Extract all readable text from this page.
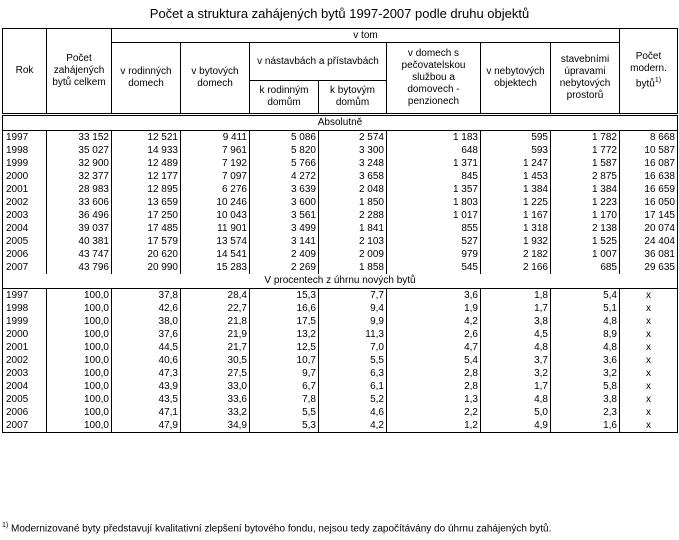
Počet a struktura zahájených bytů 1997-2007 podle druhu objektů
Rok	Počet zahájených bytů celkem	v tom							Počet modern. bytů$^{1)}$
		v rodinných domech	v bytových domech	v nástavbách a přístavbách		v domech s pečovatelskou službou a domovech - penzionech	v nebytových objektech	stavebními úpravami nebytových prostorů	
				k rodinným domům	k bytovým domům				
Absolutně									
1997	33 152	12 521	9 411	5 086	2 574	1 183	595	1 782	8 668
1998	35 027	14 933	7 961	5 820	3 300	648	593	1 772	10 587
1999	32 900	12 489	7 192	5 766	3 248	1 371	1 247	1 587	16 087
2000	32 377	12 177	7 097	4 272	3 658	845	1 453	2 875	16 638
2001	28 983	12 895	6 276	3 639	2 048	1 357	1 384	1 384	16 659
2002	33 606	13 659	10 246	3 600	1 850	1 803	1 225	1 223	16 050
2003	36 496	17 250	10 043	3 561	2 288	1 017	1 167	1 170	17 145
2004	39 037	17 485	11 901	3 499	1 841	855	1 318	2 138	20 074
2005	40 381	17 579	13 574	3 141	2 103	527	1 932	1 525	24 404
2006	43 747	20 620	14 541	2 409	2 009	979	2 182	1 007	36 081
2007	43 796	20 990	15 283	2 269	1 858	545	2 166	685	29 635
V procentech z úhrnu nových bytů									
1997	100,0	37,8	28,4	15,3	7,7	3,6	1,8	5,4	x
1998	100,0	42,6	22,7	16,6	9,4	1,9	1,7	5,1	x
1999	100,0	38,0	21,8	17,5	9,9	4,2	3,8	4,8	x
2000	100,0	37,6	21,9	13,2	11,3	2,6	4,5	8,9	x
2001	100,0	44,5	21,7	12,5	7,0	4,7	4,8	4,8	x
2002	100,0	40,6	30,5	10,7	5,5	5,4	3,7	3,6	x
2003	100,0	47,3	27,5	9,7	6,3	2,8	3,2	3,2	x
2004	100,0	43,9	33,0	6,7	6,1	2,8	1,7	5,8	x
2005	100,0	43,5	33,6	7,8	5,2	1,3	4,8	3,8	x
2006	100,0	47,1	33,2	5,5	4,6	2,2	5,0	2,3	x
2007	100,0	47,9	34,9	5,3	4,2	1,2	4,9	1,6	x
$^{1)}$ Modernizované byty představují kvalitativní zlepšení bytového fondu, nejsou tedy započítávány do úhrnu zahájených bytů.
